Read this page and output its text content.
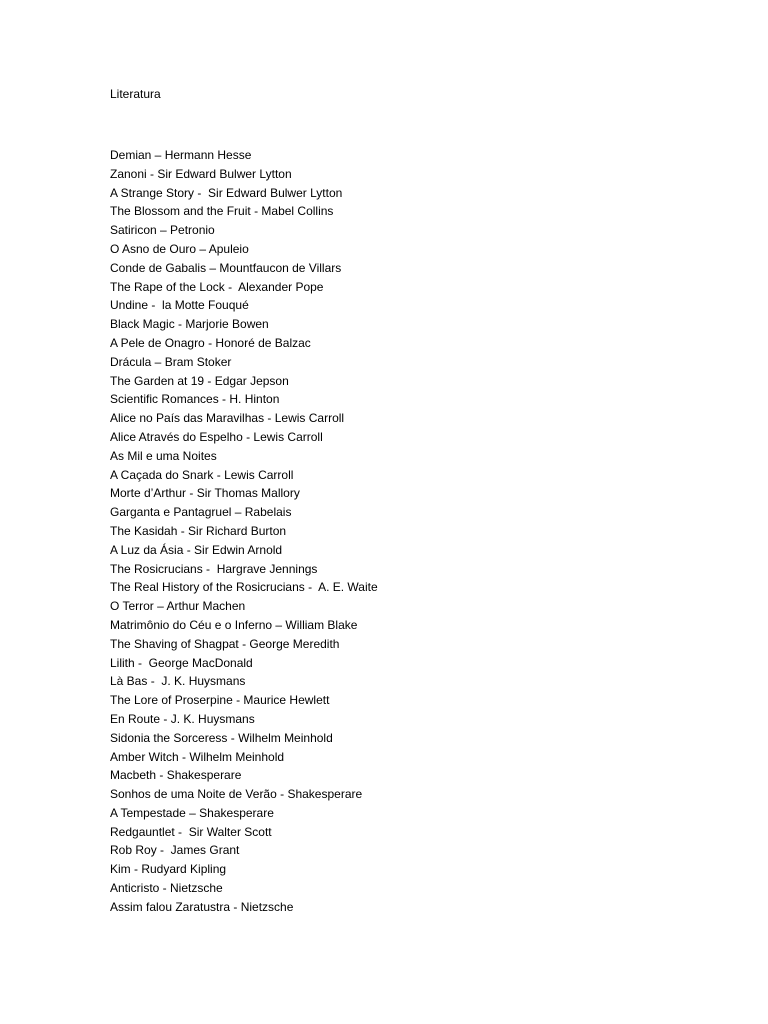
Literatura
Demian – Hermann Hesse
Zanoni - Sir Edward Bulwer Lytton
A Strange Story -  Sir Edward Bulwer Lytton
The Blossom and the Fruit - Mabel Collins
Satiricon – Petronio
O Asno de Ouro – Apuleio
Conde de Gabalis – Mountfaucon de Villars
The Rape of the Lock -  Alexander Pope
Undine -  la Motte Fouqué
Black Magic - Marjorie Bowen
A Pele de Onagro - Honoré de Balzac
Drácula – Bram Stoker
The Garden at 19 - Edgar Jepson
Scientific Romances - H. Hinton
Alice no País das Maravilhas - Lewis Carroll
Alice Através do Espelho - Lewis Carroll
As Mil e uma Noites
A Caçada do Snark - Lewis Carroll
Morte d’Arthur - Sir Thomas Mallory
Garganta e Pantagruel – Rabelais
The Kasidah - Sir Richard Burton
A Luz da Ásia - Sir Edwin Arnold
The Rosicrucians -  Hargrave Jennings
The Real History of the Rosicrucians -  A. E. Waite
O Terror – Arthur Machen
Matrimônio do Céu e o Inferno – William Blake
The Shaving of Shagpat - George Meredith
Lilith -  George MacDonald
Là Bas -  J. K. Huysmans
The Lore of Proserpine - Maurice Hewlett
En Route - J. K. Huysmans
Sidonia the Sorceress - Wilhelm Meinhold
Amber Witch - Wilhelm Meinhold
Macbeth - Shakesperare
Sonhos de uma Noite de Verão - Shakesperare
A Tempestade – Shakesperare
Redgauntlet -  Sir Walter Scott
Rob Roy -  James Grant
Kim - Rudyard Kipling
Anticristo - Nietzsche
Assim falou Zaratustra - Nietzsche
